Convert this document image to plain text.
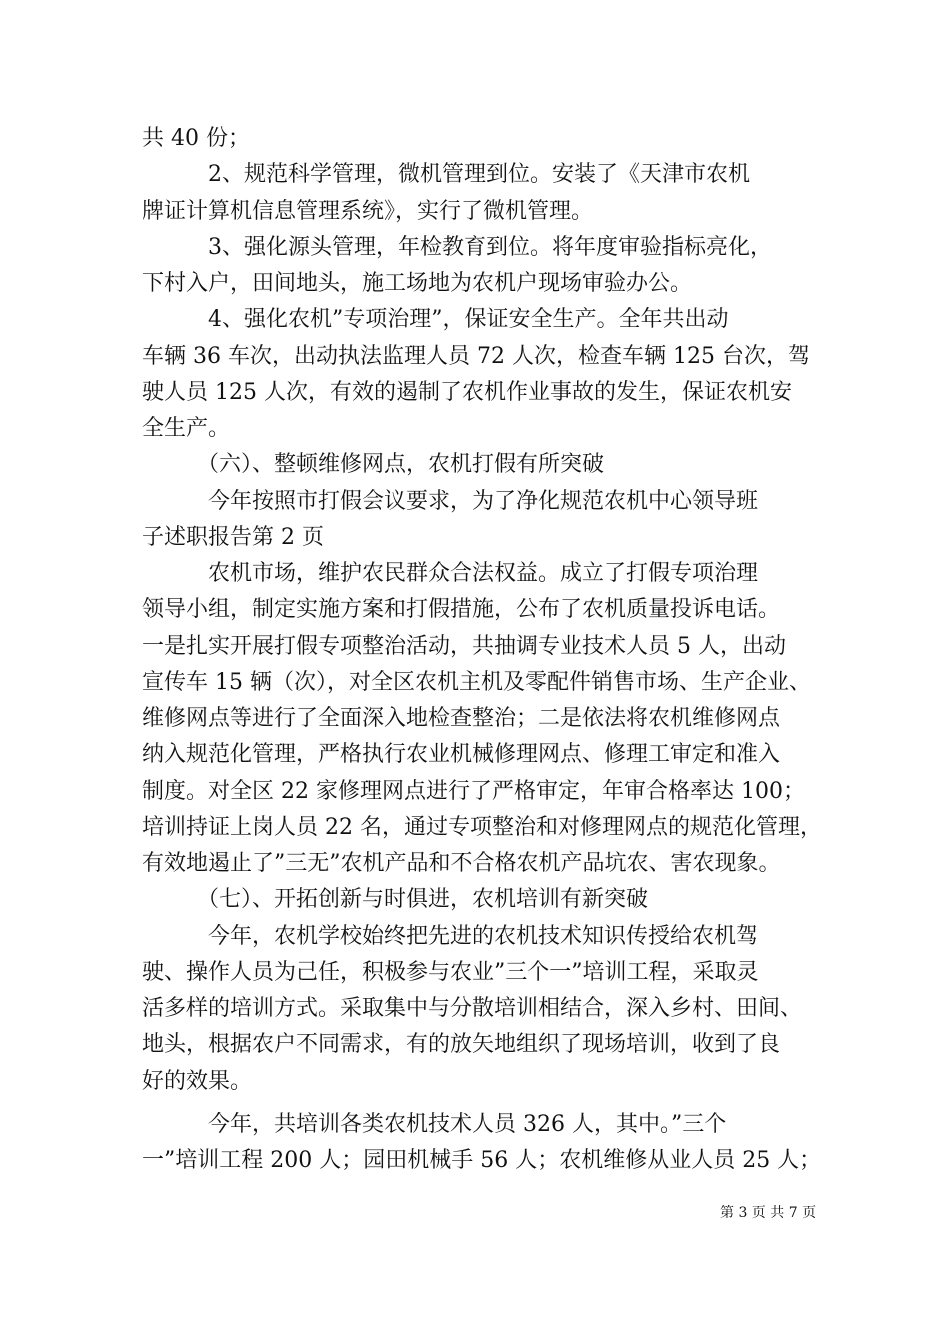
共 40 份；
　　　2、规范科学管理，微机管理到位。安装了《天津市农机
牌证计算机信息管理系统》，实行了微机管理。
　　　3、强化源头管理，年检教育到位。将年度审验指标亮化，
下村入户，田间地头，施工场地为农机户现场审验办公。
　　　4、强化农机”专项治理”，保证安全生产。全年共出动
车辆 36 车次，出动执法监理人员 72 人次，检查车辆 125 台次，驾
驶人员 125 人次，有效的遏制了农机作业事故的发生，保证农机安
全生产。
　　　（六）、整顿维修网点，农机打假有所突破
　　　今年按照市打假会议要求，为了净化规范农机中心领导班
子述职报告第 2 页
　　　农机市场，维护农民群众合法权益。成立了打假专项治理
领导小组，制定实施方案和打假措施，公布了农机质量投诉电话。
一是扎实开展打假专项整治活动，共抽调专业技术人员 5 人，出动
宣传车 15 辆（次），对全区农机主机及零配件销售市场、生产企业、
维修网点等进行了全面深入地检查整治；二是依法将农机维修网点
纳入规范化管理，严格执行农业机械修理网点、修理工审定和准入
制度。对全区 22 家修理网点进行了严格审定，年审合格率达 100；
培训持证上岗人员 22 名，通过专项整治和对修理网点的规范化管理，
有效地遏止了”三无”农机产品和不合格农机产品坑农、害农现象。
　　　（七）、开拓创新与时俱进，农机培训有新突破
　　　今年，农机学校始终把先进的农机技术知识传授给农机驾
驶、操作人员为己任，积极参与农业”三个一”培训工程，采取灵
活多样的培训方式。采取集中与分散培训相结合，深入乡村、田间、
地头，根据农户不同需求，有的放矢地组织了现场培训，收到了良
好的效果。
　　　今年，共培训各类农机技术人员 326 人，其中。”三个
一”培训工程 200 人；园田机械手 56 人；农机维修从业人员 25 人；
第 3 页 共 7 页
